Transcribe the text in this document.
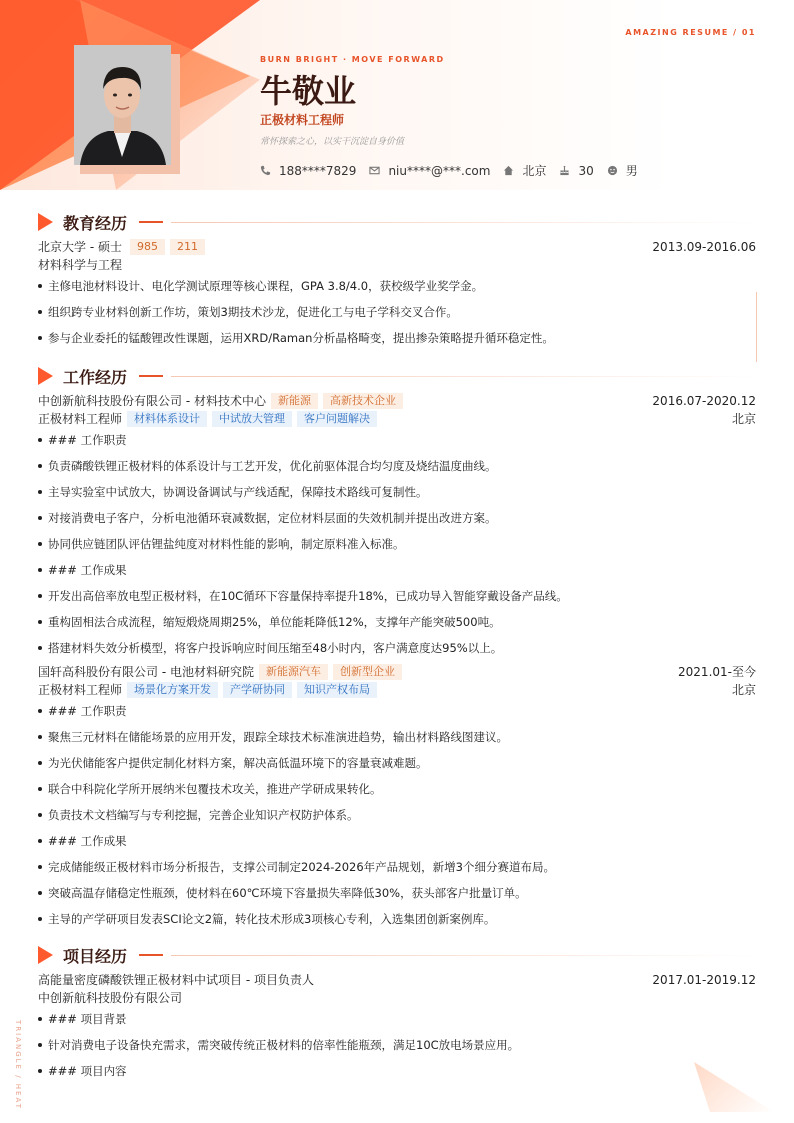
AMAZING RESUME / 01
BURN BRIGHT · MOVE FORWARD
牛敬业
正极材料工程师
常怀探索之心，以实干沉淀自身价值
188****7829	niu****@***.com	北京	30	男
教育经历
北京大学 - 硕士	985	211	2013.09-2016.06
材料科学与工程
主修电池材料设计、电化学测试原理等核心课程，GPA 3.8/4.0，获校级学业奖学金。
组织跨专业材料创新工作坊，策划3期技术沙龙，促进化工与电子学科交叉合作。
参与企业委托的锰酸锂改性课题，运用XRD/Raman分析晶格畸变，提出掺杂策略提升循环稳定性。
工作经历
中创新航科技股份有限公司 - 材料技术中心	新能源	高新技术企业	2016.07-2020.12
正极材料工程师	材料体系设计	中试放大管理	客户问题解决	北京
### 工作职责
负责磷酸铁锂正极材料的体系设计与工艺开发，优化前驱体混合均匀度及烧结温度曲线。
主导实验室中试放大，协调设备调试与产线适配，保障技术路线可复制性。
对接消费电子客户，分析电池循环衰减数据，定位材料层面的失效机制并提出改进方案。
协同供应链团队评估锂盐纯度对材料性能的影响，制定原料准入标准。
### 工作成果
开发出高倍率放电型正极材料，在10C循环下容量保持率提升18%，已成功导入智能穿戴设备产品线。
重构固相法合成流程，缩短煅烧周期25%，单位能耗降低12%，支撑年产能突破500吨。
搭建材料失效分析模型，将客户投诉响应时间压缩至48小时内，客户满意度达95%以上。
国轩高科股份有限公司 - 电池材料研究院	新能源汽车	创新型企业	2021.01-至今
正极材料工程师	场景化方案开发	产学研协同	知识产权布局	北京
### 工作职责
聚焦三元材料在储能场景的应用开发，跟踪全球技术标准演进趋势，输出材料路线图建议。
为光伏储能客户提供定制化材料方案，解决高低温环境下的容量衰减难题。
联合中科院化学所开展纳米包覆技术攻关，推进产学研成果转化。
负责技术文档编写与专利挖掘，完善企业知识产权防护体系。
### 工作成果
完成储能级正极材料市场分析报告，支撑公司制定2024-2026年产品规划，新增3个细分赛道布局。
突破高温存储稳定性瓶颈，使材料在60℃环境下容量损失率降低30%，获头部客户批量订单。
主导的产学研项目发表SCI论文2篇，转化技术形成3项核心专利，入选集团创新案例库。
项目经历
高能量密度磷酸铁锂正极材料中试项目 - 项目负责人	2017.01-2019.12
中创新航科技股份有限公司
### 项目背景
针对消费电子设备快充需求，需突破传统正极材料的倍率性能瓶颈，满足10C放电场景应用。
### 项目内容
TRIANGLE / HEAT
